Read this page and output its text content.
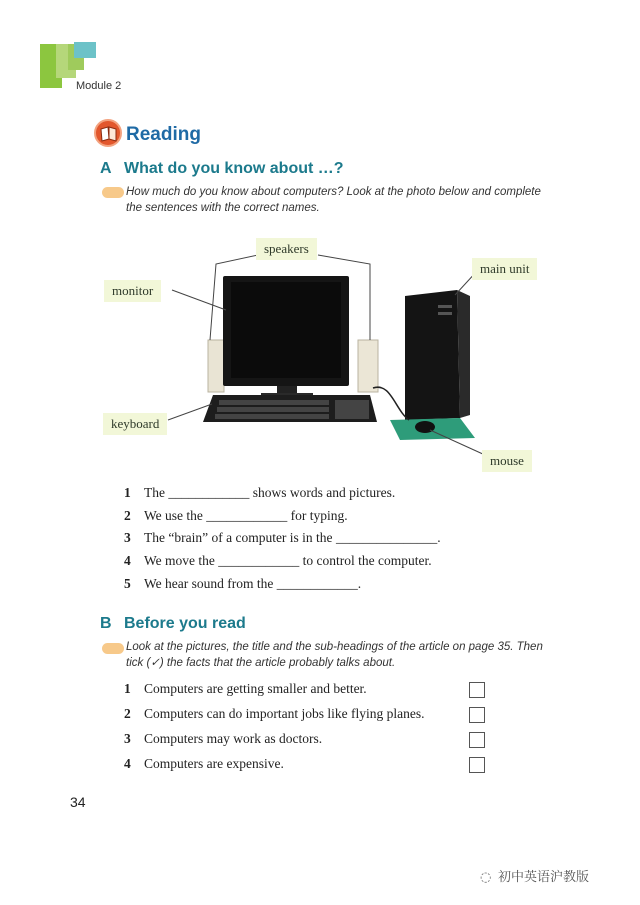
Module 2
Reading
A What do you know about …?
How much do you know about computers? Look at the photo below and complete
the sentences with the correct names.
speakers
monitor
main unit
keyboard
mouse
1 The ____________ shows words and pictures.
2 We use the ____________ for typing.
3 The “brain” of a computer is in the _______________.
4 We move the ____________ to control the computer.
5 We hear sound from the ____________.
B Before you read
Look at the pictures, the title and the sub-headings of the article on page 35. Then
tick (✓) the facts that the article probably talks about.
1 Computers are getting smaller and better.
2 Computers can do important jobs like flying planes.
3 Computers may work as doctors.
4 Computers are expensive.
34
◌ 初中英语沪教版
